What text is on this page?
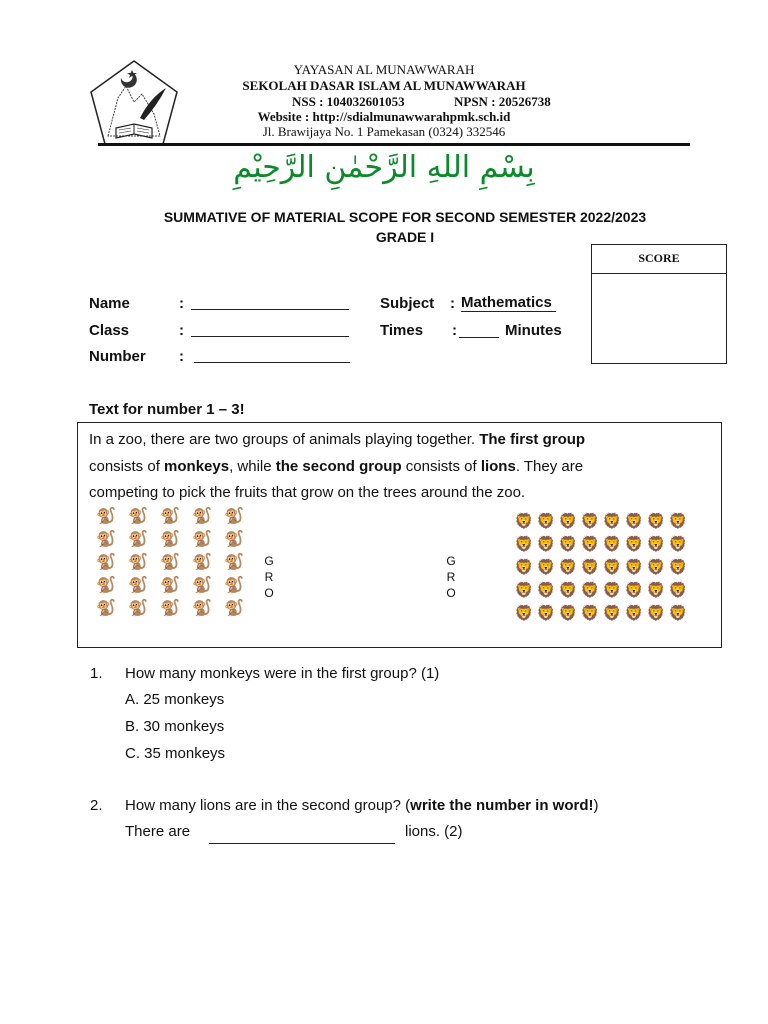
YAYASAN AL MUNAWWARAH
SEKOLAH DASAR ISLAM AL MUNAWWARAH
NSS : 104032601053	NPSN : 20526738
Website : http://sdialmunawwarahpmk.sch.id
Jl. Brawijaya No. 1 Pamekasan (0324) 332546
بِسْمِ اللهِ الرَّحْمٰنِ الرَّحِيْمِ
SUMMATIVE OF MATERIAL SCOPE FOR SECOND SEMESTER 2022/2023
GRADE I
SCORE
Name	:
Class	:
Number :
Subject : Mathematics
Times :	Minutes
Text for number 1 – 3!
In a zoo, there are two groups of animals playing together. The first group
consists of monkeys, while the second group consists of lions. They are
competing to pick the fruits that grow on the trees around the zoo.
🐒 🐒 🐒 🐒 🐒
🐒 🐒 🐒 🐒 🐒
🐒 🐒 🐒 🐒 🐒
🐒 🐒 🐒 🐒 🐒
🐒 🐒 🐒 🐒 🐒
G
R
O
G
R
O
🦁 🦁 🦁 🦁 🦁 🦁 🦁 🦁
🦁 🦁 🦁 🦁 🦁 🦁 🦁 🦁
🦁 🦁 🦁 🦁 🦁 🦁 🦁 🦁
🦁 🦁 🦁 🦁 🦁 🦁 🦁 🦁
🦁 🦁 🦁 🦁 🦁 🦁 🦁 🦁
1. How many monkeys were in the first group? (1)
A. 25 monkeys
B. 30 monkeys
C. 35 monkeys
2. How many lions are in the second group? (write the number in word!)
There are	lions. (2)
